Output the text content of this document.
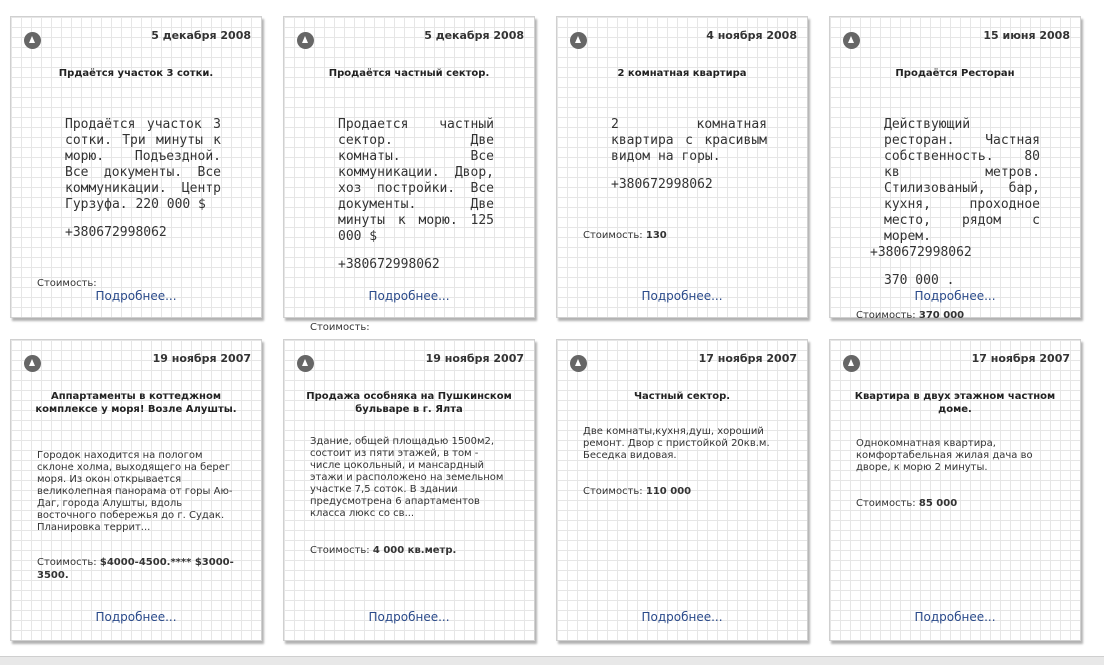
5 декабря 2008
Прдаётся участок 3 сотки.
Продаётся участок 3 сотки. Три минуты к морю. Подъездной. Все документы. Все коммуникации. Центр Гурзуфа. 220 000 $
+380672998062
Стоимость:
Подробнее...
5 декабря 2008
Продаётся частный сектор.
Продается частный сектор. Две комнаты. Все коммуникации. Двор, хоз постройки. Все документы. Две минуты к морю. 125 000 $
+380672998062
Подробнее...
Стоимость:
4 ноября 2008
2 комнатная квартира
2 комнатная квартира с красивым видом на горы.
+380672998062
Стоимость: 130
Подробнее...
15 июня 2008
Продаётся Ресторан
Действующий ресторан. Частная собственность. 80 кв метров. Стилизованый, бар, кухня, проходное место, рядом с морем.
+380672998062
370 000 .
Подробнее...
Стоимость: 370 000
19 ноября 2007
Аппартаменты в коттеджном комплексе у моря! Возле Алушты.
Городок находится на пологом склоне холма, выходящего на берег моря. Из окон открывается великолепная панорама от горы Аю-Даг, города Алушты, вдоль восточного побережья до г. Судак. Планировка террит...
Стоимость: $4000-4500.**** $3000-3500.
Подробнее...
19 ноября 2007
Продажа особняка на Пушкинском бульваре в г. Ялта
Здание, общей площадью 1500м2, состоит из пяти этажей, в том - числе цокольный, и мансардный этажи и расположено на земельном участке 7,5 соток. В здании предусмотрена 6 апартаментов класса люкс со св...
Стоимость: 4 000 кв.метр.
Подробнее...
17 ноября 2007
Частный сектор.
Две комнаты,кухня,душ, хороший ремонт. Двор с пристойкой 20кв.м. Беседка видовая.
Стоимость: 110 000
Подробнее...
17 ноября 2007
Квартира в двух этажном частном доме.
Однокомнатная квартира, комфортабельная жилая дача во дворе, к морю 2 минуты.
Стоимость: 85 000
Подробнее...
